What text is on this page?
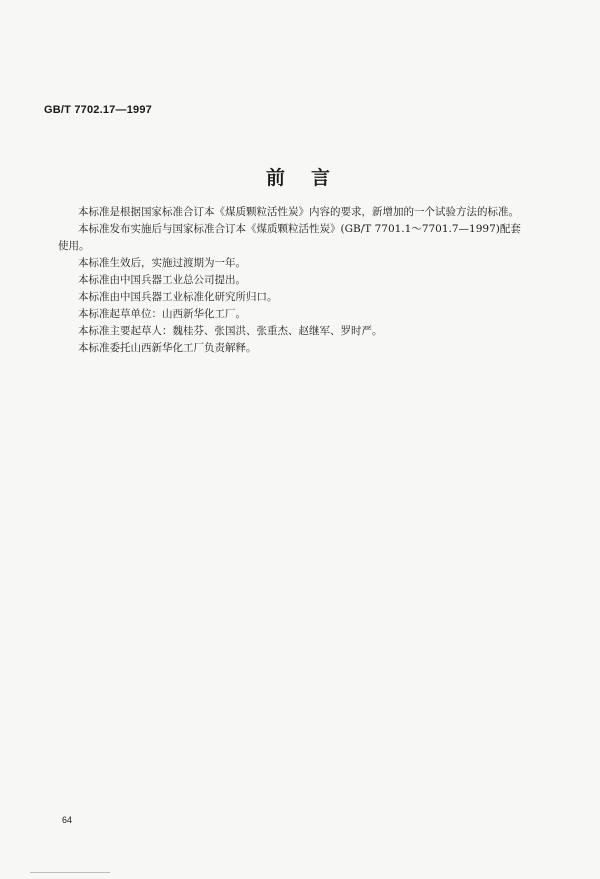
GB/T 7702.17—1997
前言

本标准是根据国家标准合订本《煤质颗粒活性炭》内容的要求，新增加的一个试验方法的标准。

本标准发布实施后与国家标准合订本《煤质颗粒活性炭》(GB/T 7701.1～7701.7—1997)配套使用。

本标准生效后，实施过渡期为一年。

本标准由中国兵器工业总公司提出。

本标准由中国兵器工业标准化研究所归口。

本标准起草单位：山西新华化工厂。

本标准主要起草人：魏桂芬、张国洪、张重杰、赵继军、罗时严。

本标准委托山西新华化工厂负责解释。

64
